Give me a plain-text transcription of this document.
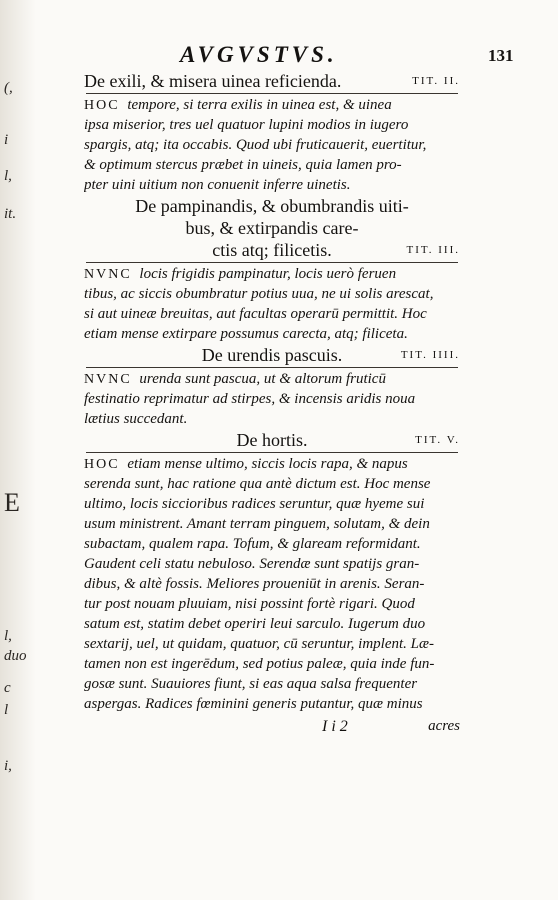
(,
i
l,
it.
E
l,
duo
c
l
i,
AVGVSTVS.	131
De exili, & misera uinea reficienda.	TIT. II.
HOC tempore, si terra exilis in uinea est, & uinea
ipsa miserior, tres uel quatuor lupini modios in iugero
spargis, atq; ita occabis. Quod ubi fruticauerit, euertitur,
& optimum stercus præbet in uineis, quia lamen pro-
pter uini uitium non conuenit inferre uinetis.
De pampinandis, & obumbrandis uiti-
bus, & extirpandis care-
ctis atq; filicetis.	TIT. III.
NVNC locis frigidis pampinatur, locis uerò feruen
tibus, ac siccis obumbratur potius uua, ne ui solis arescat,
si aut uineæ breuitas, aut facultas operarū permittit. Hoc
etiam mense extirpare possumus carecta, atq; filiceta.
De urendis pascuis.	TIT. IIII.
NVNC urenda sunt pascua, ut & altorum fruticū
festinatio reprimatur ad stirpes, & incensis aridis noua
lætius succedant.
De hortis.	TIT. V.
HOC etiam mense ultimo, siccis locis rapa, & napus
serenda sunt, hac ratione qua antè dictum est. Hoc mense
ultimo, locis siccioribus radices seruntur, quæ hyeme sui
usum ministrent. Amant terram pinguem, solutam, & dein
subactam, qualem rapa. Tofum, & glaream reformidant.
Gaudent celi statu nebuloso. Serendæ sunt spatijs gran-
dibus, & altè fossis. Meliores proueniūt in arenis. Seran-
tur post nouam pluuiam, nisi possint fortè rigari. Quod
satum est, statim debet operiri leui sarculo. Iugerum duo
sextarij, uel, ut quidam, quatuor, cū seruntur, implent. Læ-
tamen non est ingerēdum, sed potius paleæ, quia inde fun-
gosæ sunt. Suauiores fiunt, si eas aqua salsa frequenter
aspergas. Radices fœminini generis putantur, quæ minus
I i 2	acres
